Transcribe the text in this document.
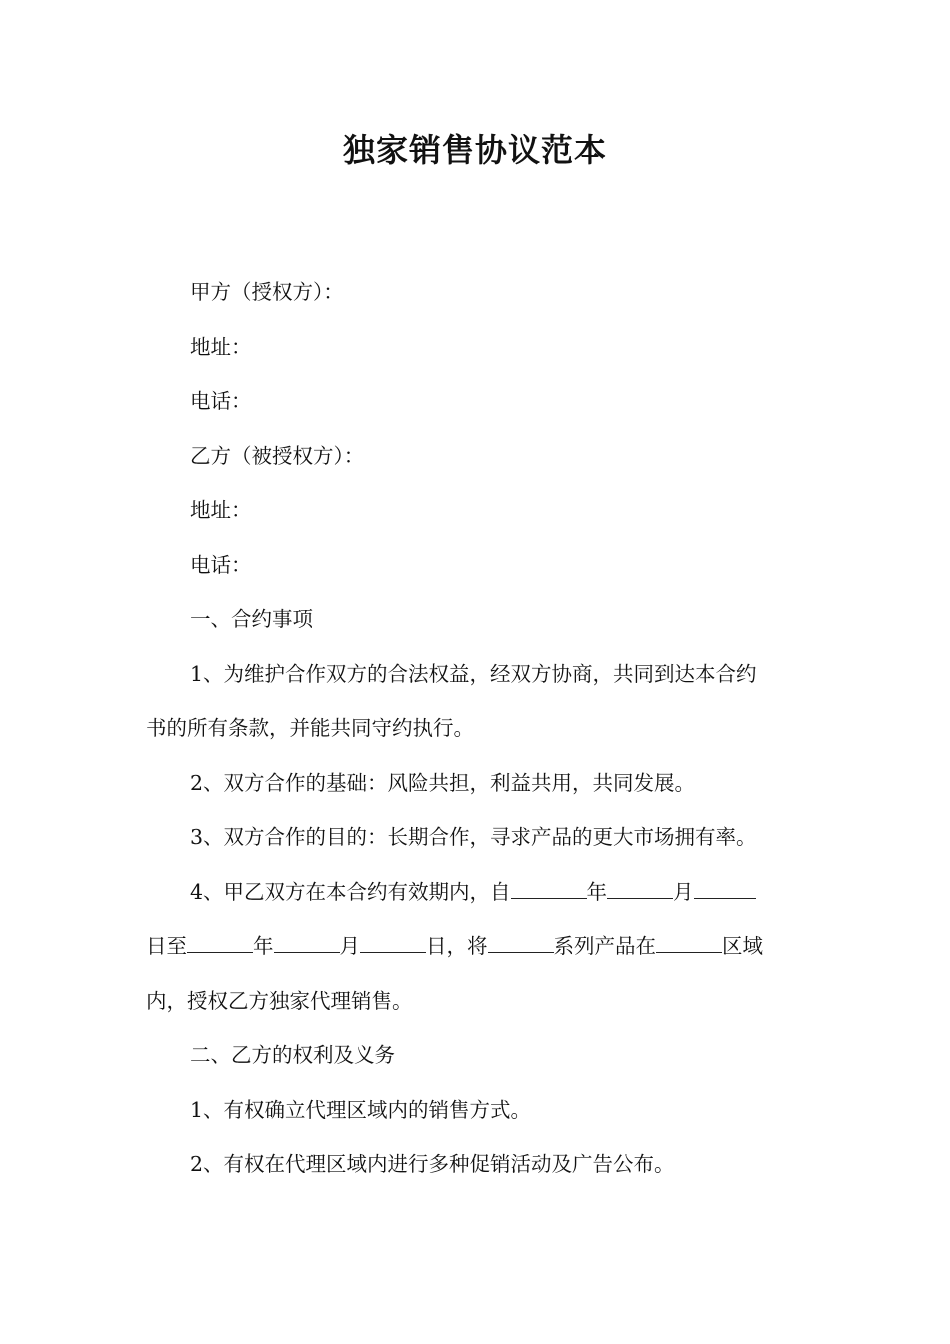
独家销售协议范本

甲方（授权方）：

地址：

电话：

乙方（被授权方）：

地址：

电话：

一、合约事项

1、为维护合作双方的合法权益，经双方协商，共同到达本合约

书的所有条款，并能共同守约执行。

2、双方合作的基础：风险共担，利益共用，共同发展。

3、双方合作的目的：长期合作，寻求产品的更大市场拥有率。

4、甲乙双方在本合约有效期内，自	年	月

日至	年	月	日，将	系列产品在	区域

内，授权乙方独家代理销售。

二、乙方的权利及义务

1、有权确立代理区域内的销售方式。

2、有权在代理区域内进行多种促销活动及广告公布。
